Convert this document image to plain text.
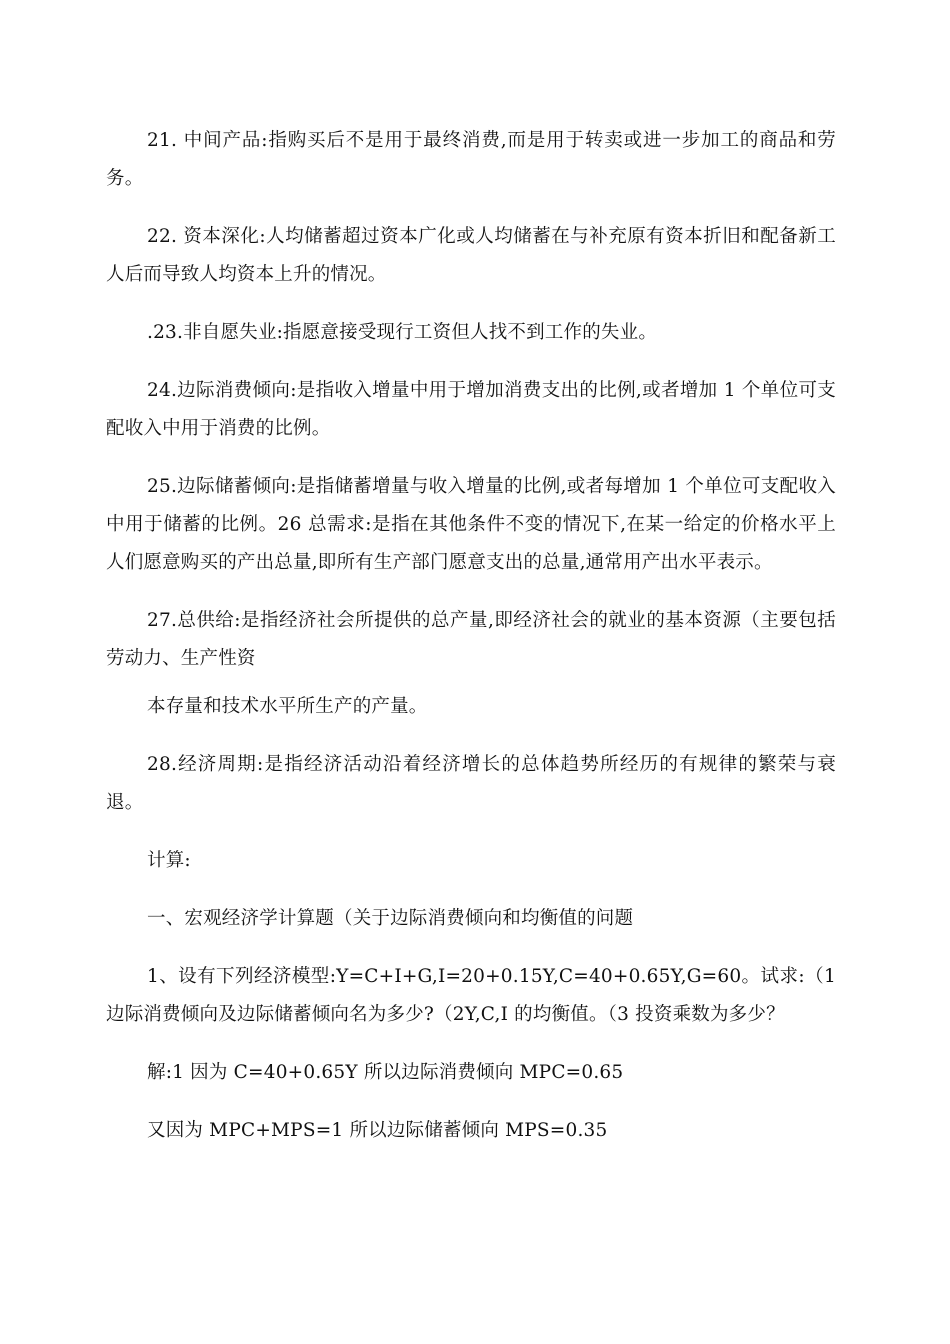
21. 中间产品:指购买后不是用于最终消费,而是用于转卖或进一步加工的商品和劳务。

22. 资本深化:人均储蓄超过资本广化或人均储蓄在与补充原有资本折旧和配备新工人后而导致人均资本上升的情况。

.23.非自愿失业:指愿意接受现行工资但人找不到工作的失业。

24.边际消费倾向:是指收入增量中用于增加消费支出的比例,或者增加 1 个单位可支配收入中用于消费的比例。

25.边际储蓄倾向:是指储蓄增量与收入增量的比例,或者每增加 1 个单位可支配收入中用于储蓄的比例。26 总需求:是指在其他条件不变的情况下,在某一给定的价格水平上人们愿意购买的产出总量,即所有生产部门愿意支出的总量,通常用产出水平表示。

27.总供给:是指经济社会所提供的总产量,即经济社会的就业的基本资源（主要包括劳动力、生产性资

本存量和技术水平所生产的产量。

28.经济周期:是指经济活动沿着经济增长的总体趋势所经历的有规律的繁荣与衰退。

计算:

一、宏观经济学计算题（关于边际消费倾向和均衡值的问题

1、设有下列经济模型:Y=C+I+G,I=20+0.15Y,C=40+0.65Y,G=60。试求:（1 边际消费倾向及边际储蓄倾向名为多少?（2Y,C,I 的均衡值。（3 投资乘数为多少？

解:1 因为 C=40+0.65Y 所以边际消费倾向 MPC=0.65

又因为 MPC+MPS=1 所以边际储蓄倾向 MPS=0.35
